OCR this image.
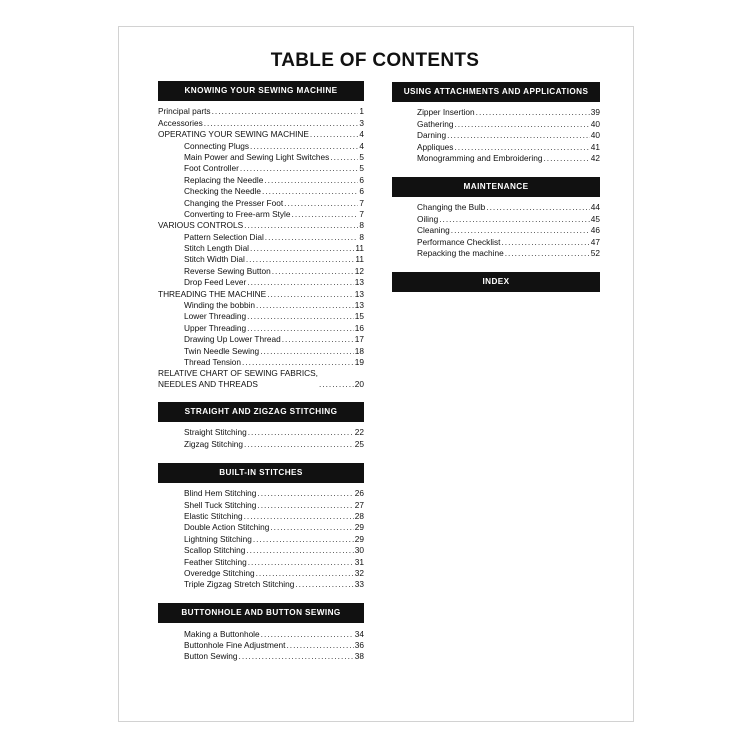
TABLE OF CONTENTS
KNOWING YOUR SEWING MACHINE
Principal parts .....	1
Accessories .....	3
OPERATING YOUR SEWING MACHINE .....	4
Connecting Plugs .....	4
Main Power and Sewing Light Switches .....	5
Foot Controller .....	5
Replacing the Needle .....	6
Checking the Needle .....	6
Changing the Presser Foot .....	7
Converting to Free-arm Style .....	7
VARIOUS CONTROLS .....	8
Pattern Selection Dial .....	8
Stitch Length Dial .....	11
Stitch Width Dial .....	11
Reverse Sewing Button .....	12
Drop Feed Lever .....	13
THREADING THE MACHINE .....	13
Winding the bobbin .....	13
Lower Threading .....	15
Upper Threading .....	16
Drawing Up Lower Thread .....	17
Twin Needle Sewing .....	18
Thread Tension .....	19
RELATIVE CHART OF SEWING FABRICS,
NEEDLES AND THREADS .....	20
STRAIGHT AND ZIGZAG STITCHING
Straight Stitching .....	22
Zigzag Stitching .....	25
BUILT-IN STITCHES
Blind Hem Stitching .....	26
Shell Tuck Stitching .....	27
Elastic Stitching .....	28
Double Action Stitching .....	29
Lightning Stitching .....	29
Scallop Stitching .....	30
Feather Stitching .....	31
Overedge Stitching .....	32
Triple Zigzag Stretch Stitching .....	33
BUTTONHOLE AND BUTTON SEWING
Making a Buttonhole .....	34
Buttonhole Fine Adjustment .....	36
Button Sewing .....	38
USING ATTACHMENTS AND APPLICATIONS
Zipper Insertion .....	39
Gathering .....	40
Darning .....	40
Appliques .....	41
Monogramming and Embroidering .....	42
MAINTENANCE
Changing the Bulb .....	44
Oiling .....	45
Cleaning .....	46
Performance Checklist .....	47
Repacking the machine .....	52
INDEX
